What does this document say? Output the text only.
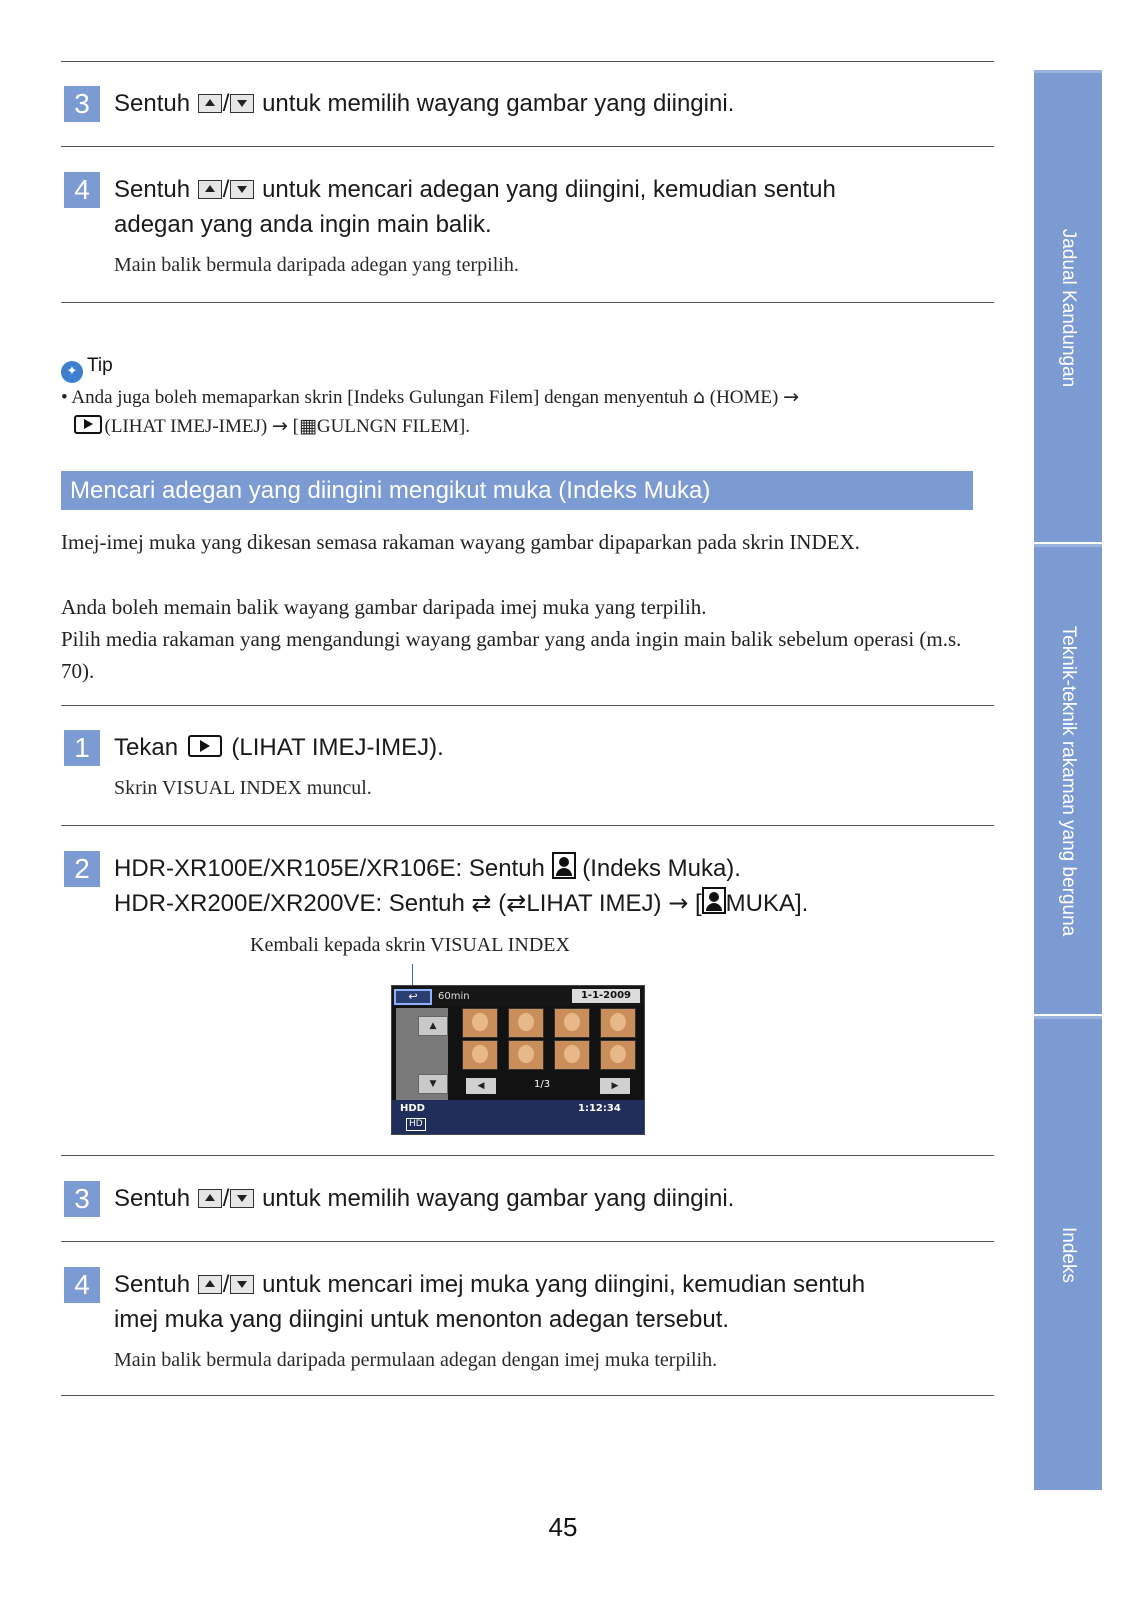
3	Sentuh / untuk memilih wayang gambar yang diingini.
4	Sentuh / untuk mencari adegan yang diingini, kemudian sentuh
adegan yang anda ingin main balik.
Main balik bermula daripada adegan yang terpilih.
✦ Tip
• Anda juga boleh memaparkan skrin [Indeks Gulungan Filem] dengan menyentuh ⌂ (HOME) →
(LIHAT IMEJ-IMEJ) → [▦GULNGN FILEM].
Mencari adegan yang diingini mengikut muka (Indeks Muka)
Imej-imej muka yang dikesan semasa rakaman wayang gambar dipaparkan pada skrin INDEX.
Anda boleh memain balik wayang gambar daripada imej muka yang terpilih.
Pilih media rakaman yang mengandungi wayang gambar yang anda ingin main balik sebelum operasi (m.s. 70).
1	Tekan  (LIHAT IMEJ-IMEJ).
Skrin VISUAL INDEX muncul.
2	HDR-XR100E/XR105E/XR106E: Sentuh  (Indeks Muka).
HDR-XR200E/XR200VE: Sentuh ⇄ (⇄LIHAT IMEJ) → [ MUKA].
Kembali kepada skrin VISUAL INDEX
↩	60min	1-1-2009
▲
▼	◀	1/3	▶
HDD	1:12:34
HD
3	Sentuh / untuk memilih wayang gambar yang diingini.
4	Sentuh / untuk mencari imej muka yang diingini, kemudian sentuh
imej muka yang diingini untuk menonton adegan tersebut.
Main balik bermula daripada permulaan adegan dengan imej muka terpilih.
Jadual Kandungan
Teknik-teknik rakaman yang berguna
Indeks
45
